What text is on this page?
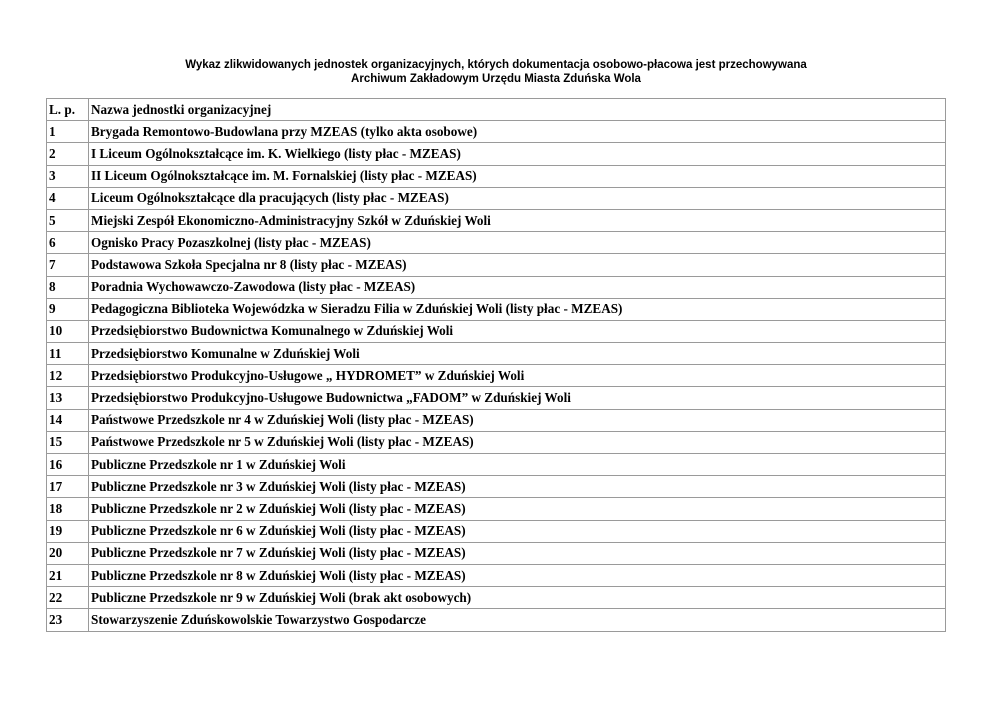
Wykaz zlikwidowanych jednostek organizacyjnych, których dokumentacja osobowo-płacowa jest przechowywana
Archiwum Zakładowym Urzędu Miasta Zduńska Wola
L. p.	Nazwa jednostki organizacyjnej
1	Brygada Remontowo-Budowlana przy MZEAS (tylko akta osobowe)
2	I Liceum Ogólnokształcące im. K. Wielkiego (listy płac - MZEAS)
3	II Liceum Ogólnokształcące im. M. Fornalskiej (listy płac - MZEAS)
4	Liceum Ogólnokształcące dla pracujących (listy płac - MZEAS)
5	Miejski Zespół Ekonomiczno-Administracyjny Szkół w Zduńskiej Woli
6	Ognisko Pracy Pozaszkolnej (listy płac - MZEAS)
7	Podstawowa Szkoła Specjalna nr 8 (listy płac - MZEAS)
8	Poradnia Wychowawczo-Zawodowa (listy płac - MZEAS)
9	Pedagogiczna Biblioteka Wojewódzka w Sieradzu Filia w Zduńskiej Woli (listy płac - MZEAS)
10	Przedsiębiorstwo Budownictwa Komunalnego w Zduńskiej Woli
11	Przedsiębiorstwo Komunalne w Zduńskiej Woli
12	Przedsiębiorstwo Produkcyjno-Usługowe „ HYDROMET” w Zduńskiej Woli
13	Przedsiębiorstwo Produkcyjno-Usługowe Budownictwa „FADOM” w Zduńskiej Woli
14	Państwowe Przedszkole nr 4 w Zduńskiej Woli (listy płac - MZEAS)
15	Państwowe Przedszkole nr 5 w Zduńskiej Woli (listy płac - MZEAS)
16	Publiczne Przedszkole nr 1 w Zduńskiej Woli
17	Publiczne Przedszkole nr 3 w Zduńskiej Woli (listy płac - MZEAS)
18	Publiczne Przedszkole nr 2 w Zduńskiej Woli (listy płac - MZEAS)
19	Publiczne Przedszkole nr 6 w Zduńskiej Woli (listy płac - MZEAS)
20	Publiczne Przedszkole nr 7 w Zduńskiej Woli (listy płac - MZEAS)
21	Publiczne Przedszkole nr 8 w Zduńskiej Woli (listy płac - MZEAS)
22	Publiczne Przedszkole nr 9 w Zduńskiej Woli (brak akt osobowych)
23	Stowarzyszenie Zduńskowolskie Towarzystwo Gospodarcze
